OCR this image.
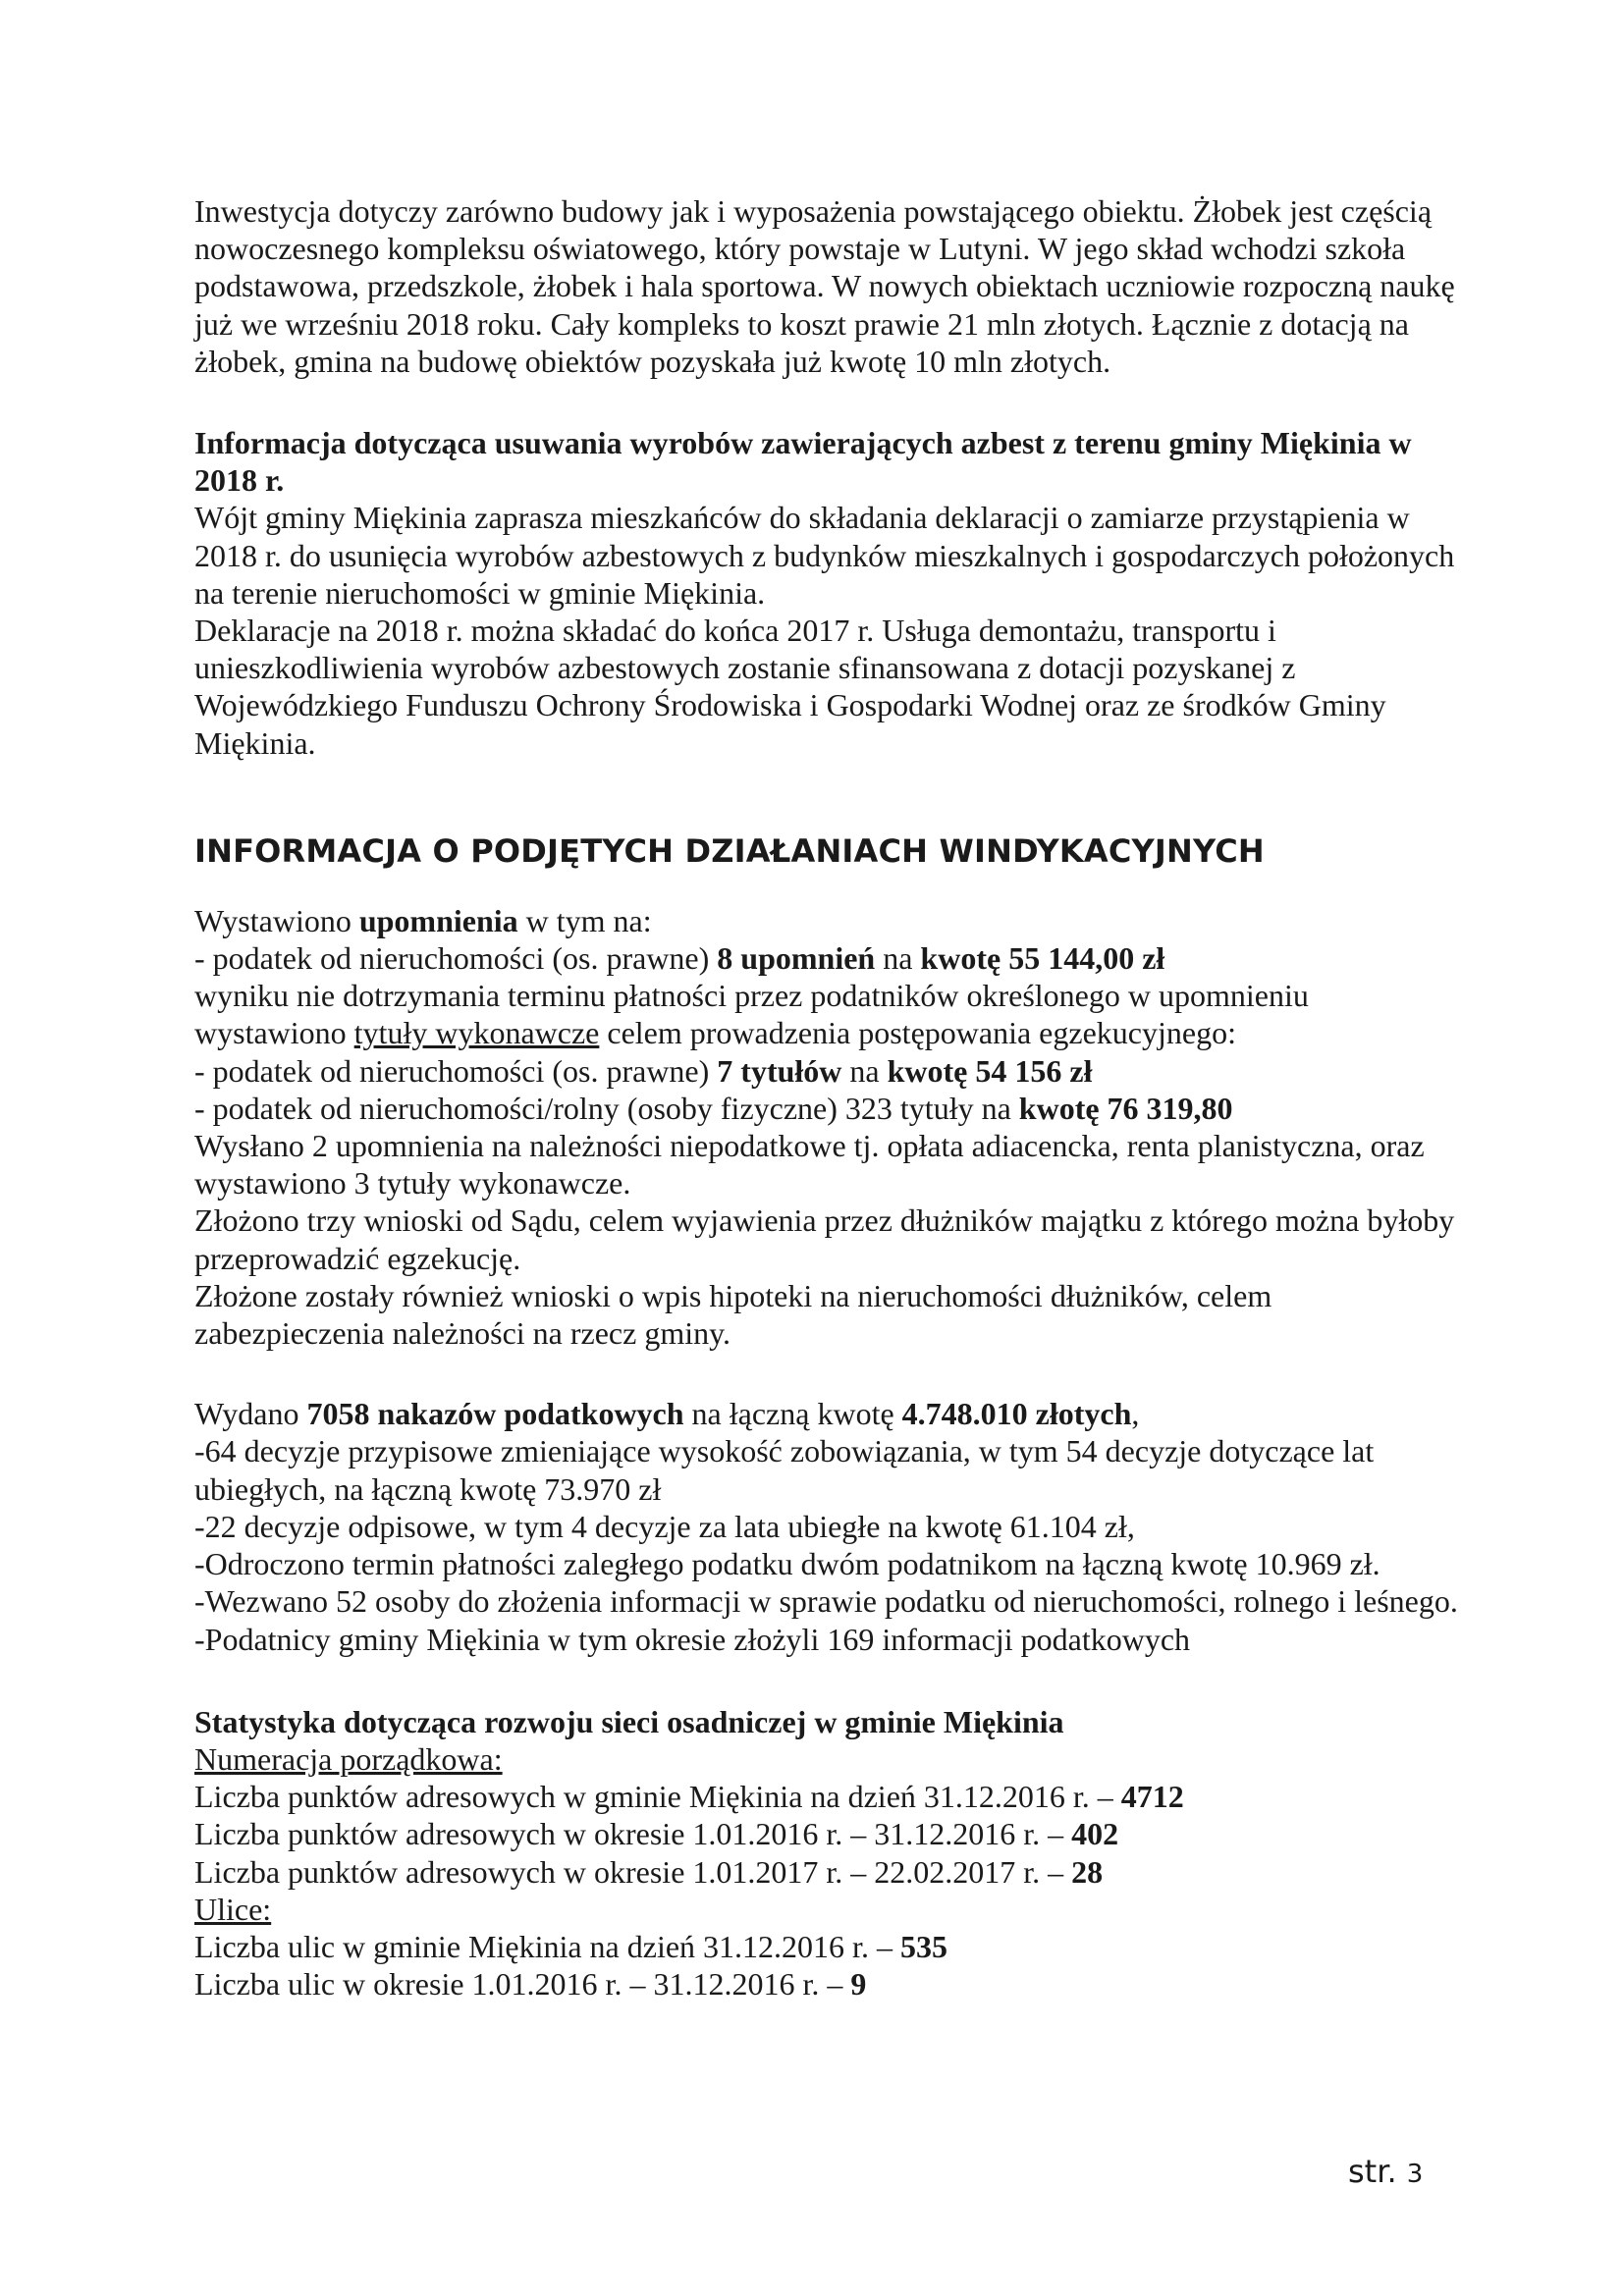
Inwestycja dotyczy zarówno budowy jak i wyposażenia powstającego obiektu. Żłobek jest częścią nowoczesnego kompleksu oświatowego, który powstaje w Lutyni. W jego skład wchodzi szkoła podstawowa, przedszkole, żłobek i hala sportowa. W nowych obiektach uczniowie rozpoczną naukę już we wrześniu 2018 roku. Cały kompleks to koszt prawie 21 mln złotych. Łącznie z dotacją na żłobek, gmina na budowę obiektów pozyskała już kwotę 10 mln złotych.

Informacja dotycząca usuwania wyrobów zawierających azbest z terenu gminy Miękinia w 2018 r.

Wójt gminy Miękinia zaprasza mieszkańców do składania deklaracji o zamiarze przystąpienia w 2018 r. do usunięcia wyrobów azbestowych z budynków mieszkalnych i gospodarczych położonych na terenie nieruchomości w gminie Miękinia.

Deklaracje na 2018 r. można składać do końca 2017 r. Usługa demontażu, transportu i unieszkodliwienia wyrobów azbestowych zostanie sfinansowana z dotacji pozyskanej z Wojewódzkiego Funduszu Ochrony Środowiska i Gospodarki Wodnej oraz ze środków Gminy Miękinia.

INFORMACJA O PODJĘTYCH DZIAŁANIACH WINDYKACYJNYCH

Wystawiono upomnienia w tym na:

- podatek od nieruchomości (os. prawne) 8 upomnień na kwotę 55 144,00 zł

wyniku nie dotrzymania terminu płatności przez podatników określonego w upomnieniu

wystawiono tytuły wykonawcze celem prowadzenia postępowania egzekucyjnego:

- podatek od nieruchomości (os. prawne) 7 tytułów na kwotę 54 156 zł

- podatek od nieruchomości/rolny (osoby fizyczne) 323 tytuły na kwotę 76 319,80

Wysłano 2 upomnienia na należności niepodatkowe tj. opłata adiacencka, renta planistyczna, oraz wystawiono 3 tytuły wykonawcze.

Złożono trzy wnioski od Sądu, celem wyjawienia przez dłużników majątku z którego można byłoby przeprowadzić egzekucję.

Złożone zostały również wnioski o wpis hipoteki na nieruchomości dłużników, celem zabezpieczenia należności na rzecz gminy.

Wydano 7058 nakazów podatkowych na łączną kwotę 4.748.010 złotych,

-64 decyzje przypisowe zmieniające wysokość zobowiązania, w tym 54 decyzje dotyczące lat ubiegłych, na łączną kwotę 73.970 zł

-22 decyzje odpisowe, w tym 4 decyzje za lata ubiegłe na kwotę 61.104 zł,

-Odroczono termin płatności zaległego podatku dwóm podatnikom na łączną kwotę 10.969 zł.

-Wezwano 52 osoby do złożenia informacji w sprawie podatku od nieruchomości, rolnego i leśnego.

-Podatnicy gminy Miękinia w tym okresie złożyli 169 informacji podatkowych

Statystyka dotycząca rozwoju sieci osadniczej w gminie Miękinia

Numeracja porządkowa:

Liczba punktów adresowych w gminie Miękinia na dzień 31.12.2016 r. – 4712

Liczba punktów adresowych w okresie 1.01.2016 r. – 31.12.2016 r. – 402

Liczba punktów adresowych w okresie 1.01.2017 r. – 22.02.2017 r. – 28

Ulice:

Liczba ulic w gminie Miękinia na dzień 31.12.2016 r. – 535

Liczba ulic w okresie 1.01.2016 r. – 31.12.2016 r. – 9

str. 3
